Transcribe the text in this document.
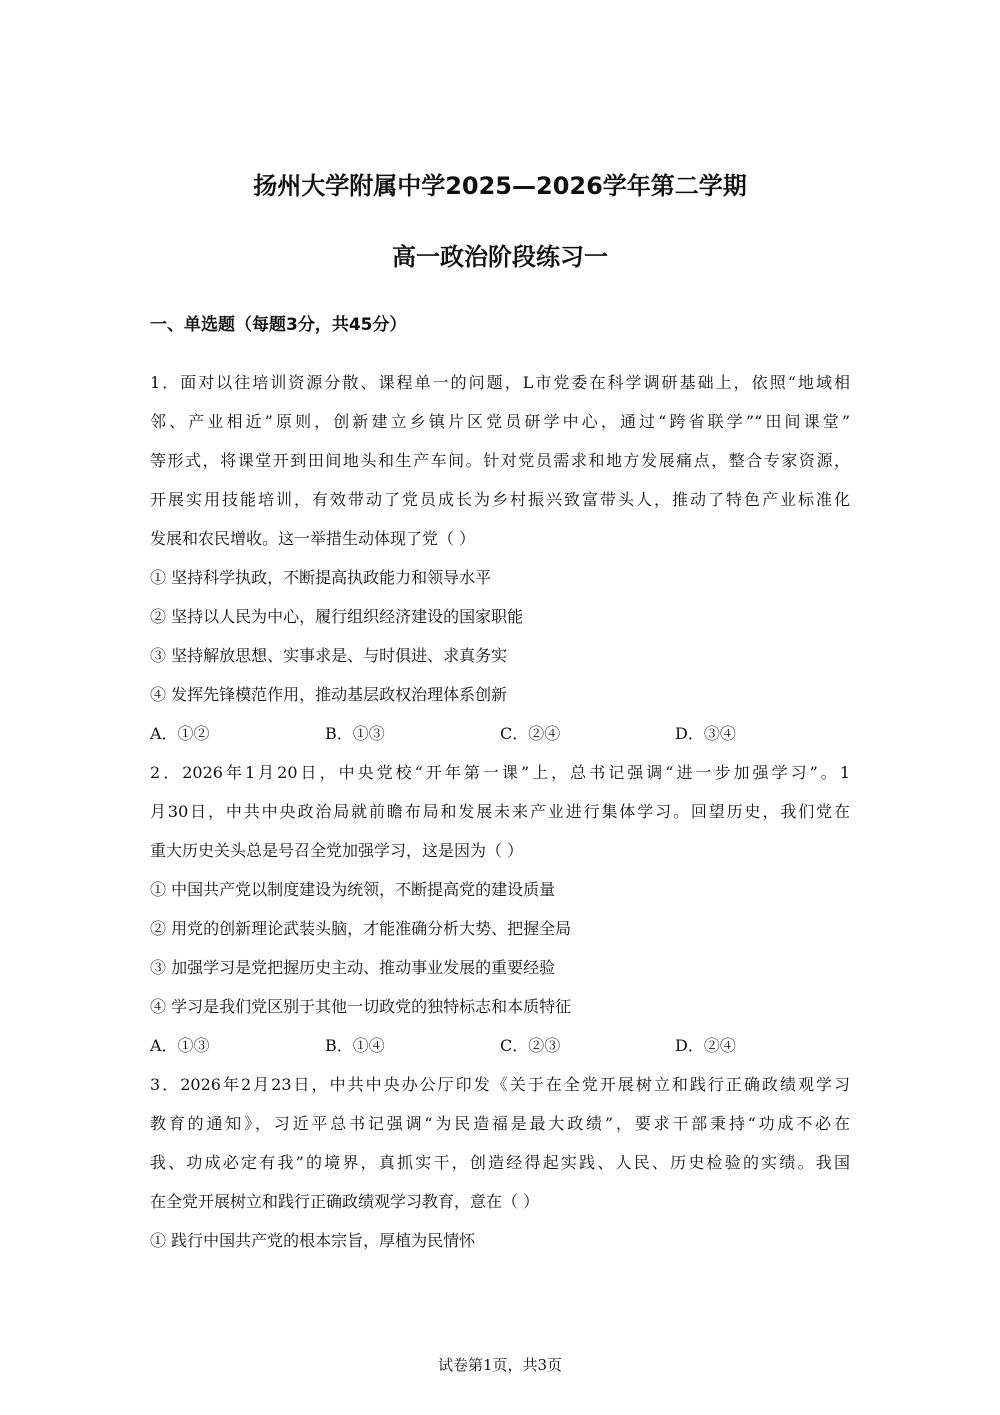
扬州大学附属中学2025—2026学年第二学期
高一政治阶段练习一
一、单选题（每题3分，共45分）
1．面对以往培训资源分散、课程单一的问题，L市党委在科学调研基础上，依照“地域相
邻、产业相近”原则，创新建立乡镇片区党员研学中心，通过“跨省联学”“田间课堂”
等形式，将课堂开到田间地头和生产车间。针对党员需求和地方发展痛点，整合专家资源，
开展实用技能培训，有效带动了党员成长为乡村振兴致富带头人，推动了特色产业标准化
发展和农民增收。这一举措生动体现了党（ ）
① 坚持科学执政，不断提高执政能力和领导水平
② 坚持以人民为中心，履行组织经济建设的国家职能
③ 坚持解放思想、实事求是、与时俱进、求真务实
④ 发挥先锋模范作用，推动基层政权治理体系创新
A．①②	B．①③	C．②④	D．③④
2．2026年1月20日，中央党校“开年第一课”上，总书记强调“进一步加强学习”。1
月30日，中共中央政治局就前瞻布局和发展未来产业进行集体学习。回望历史，我们党在
重大历史关头总是号召全党加强学习，这是因为（ ）
① 中国共产党以制度建设为统领，不断提高党的建设质量
② 用党的创新理论武装头脑，才能准确分析大势、把握全局
③ 加强学习是党把握历史主动、推动事业发展的重要经验
④ 学习是我们党区别于其他一切政党的独特标志和本质特征
A．①③	B．①④	C．②③	D．②④
3．2026年2月23日，中共中央办公厅印发《关于在全党开展树立和践行正确政绩观学习
教育的通知》，习近平总书记强调“为民造福是最大政绩”，要求干部秉持“功成不必在
我、功成必定有我”的境界，真抓实干，创造经得起实践、人民、历史检验的实绩。我国
在全党开展树立和践行正确政绩观学习教育，意在（ ）
① 践行中国共产党的根本宗旨，厚植为民情怀
试卷第1页，共3页
